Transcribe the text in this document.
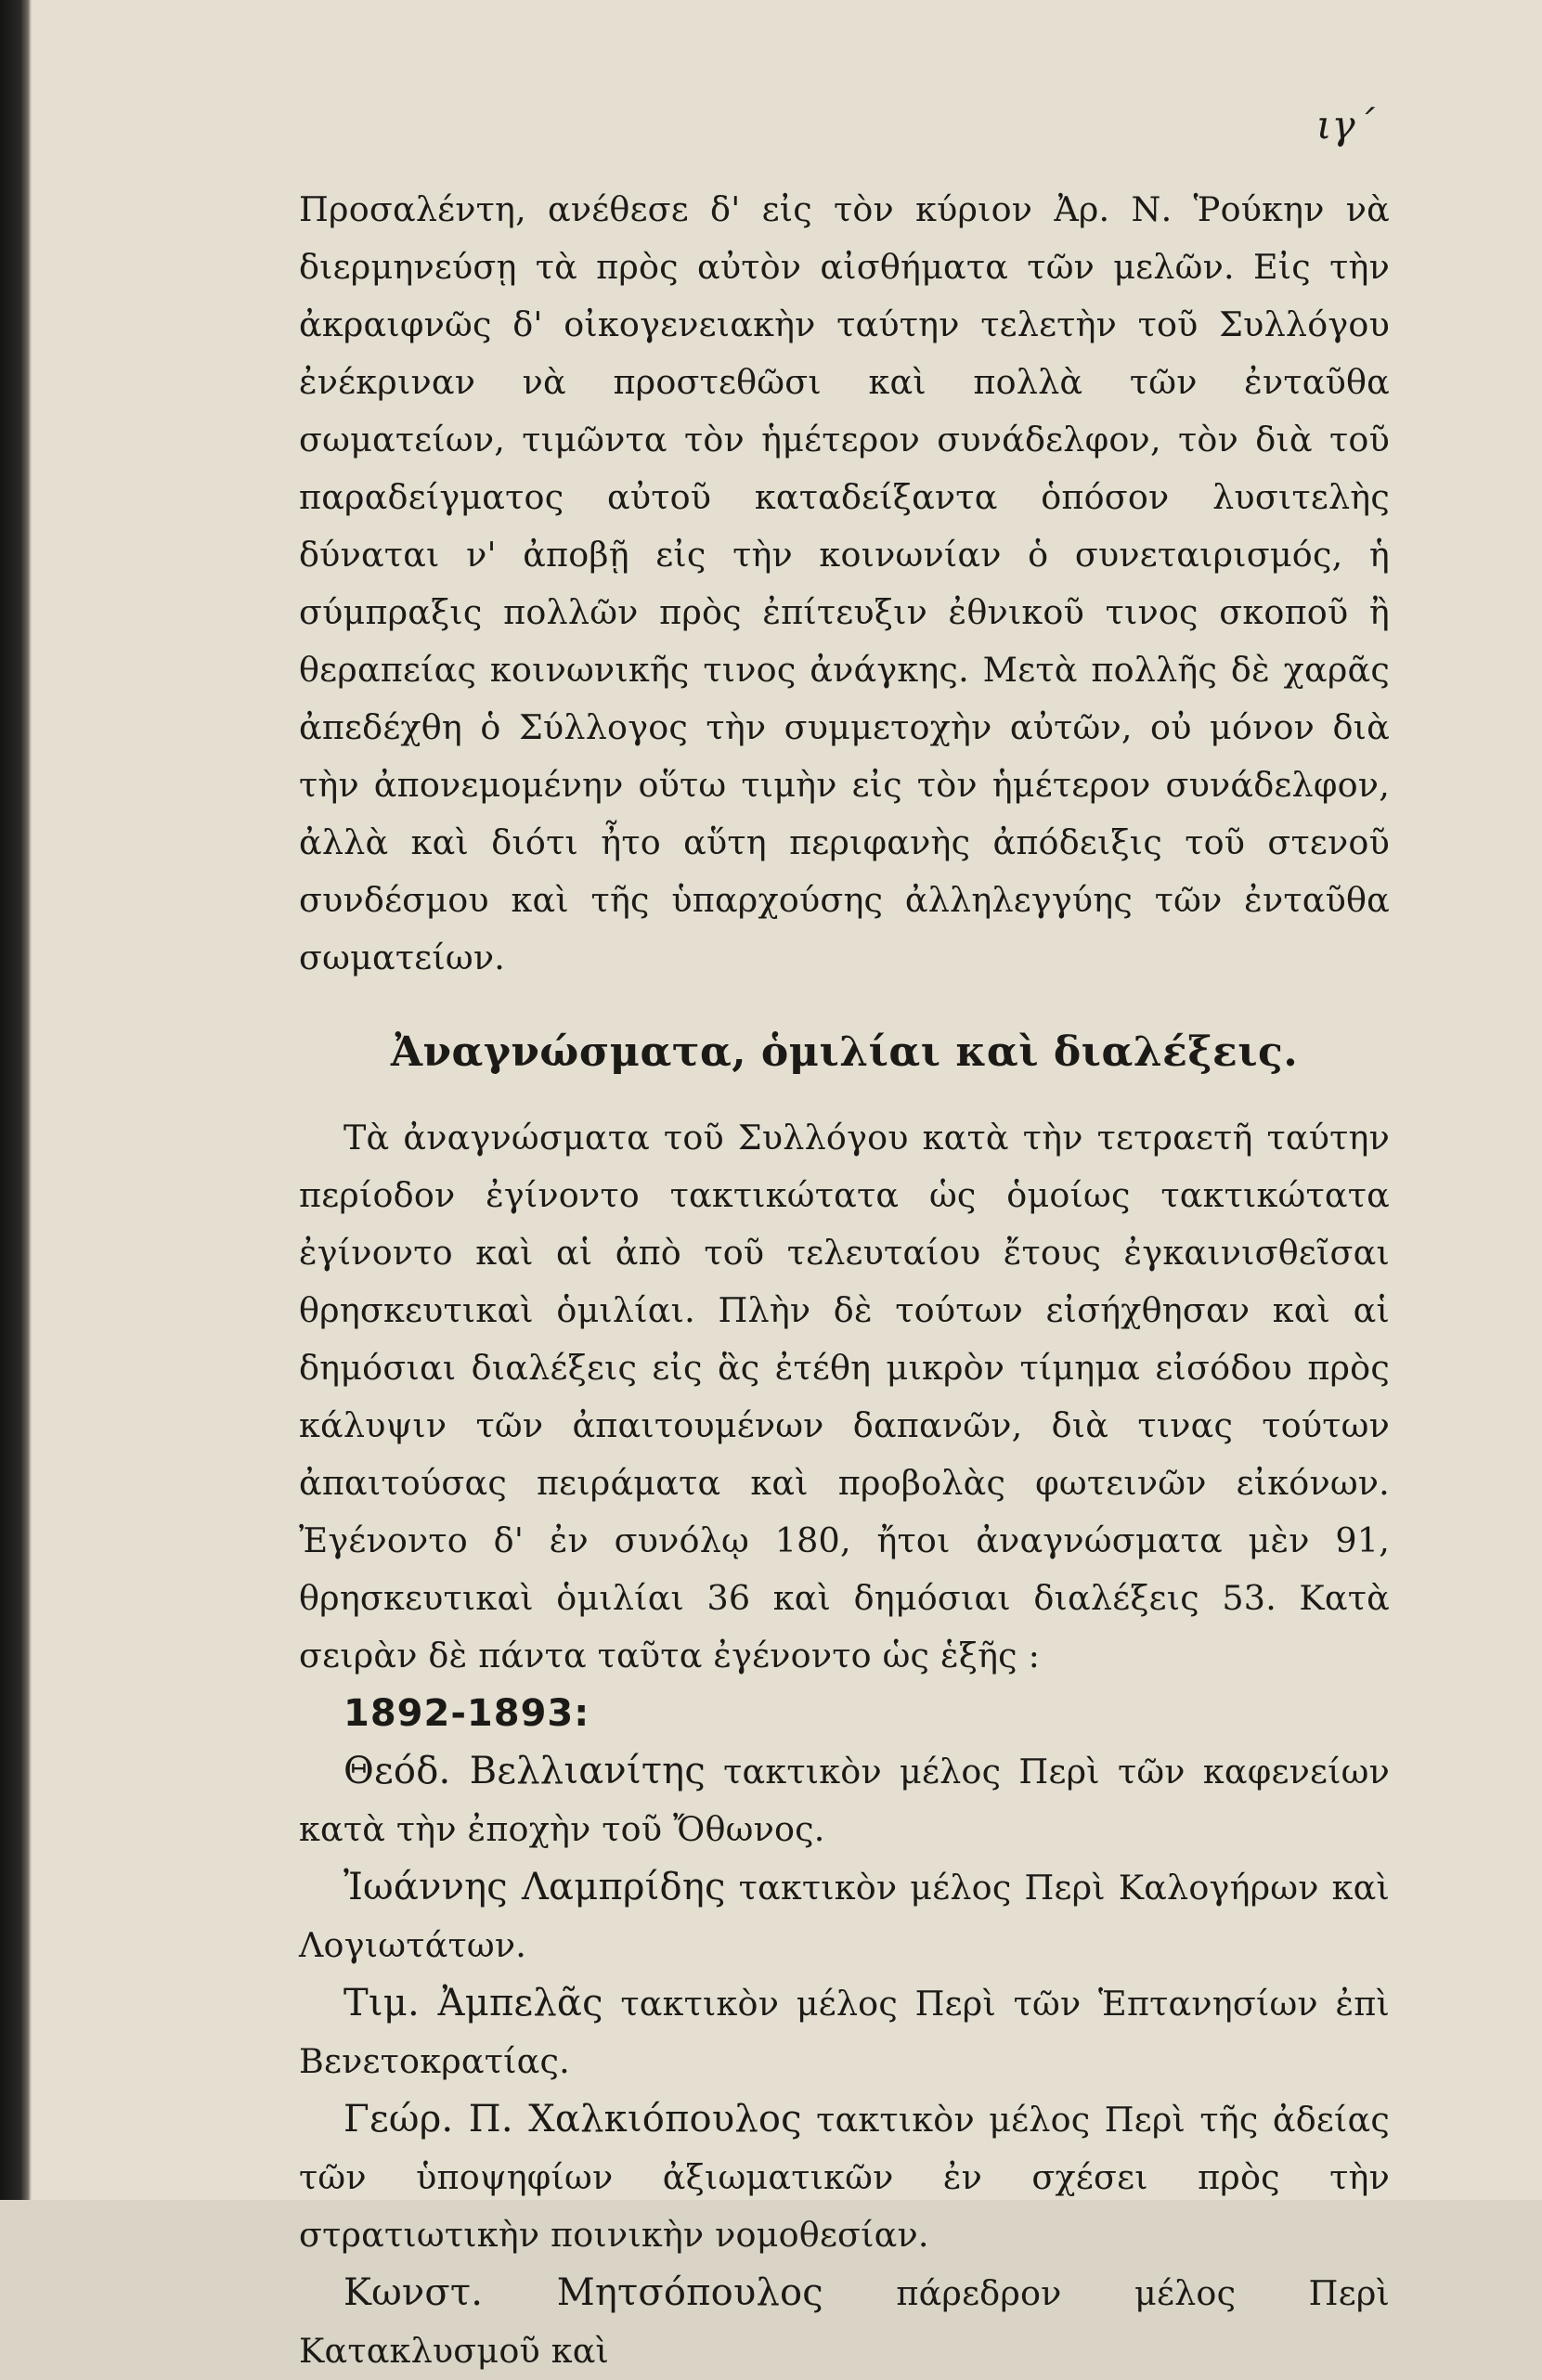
ιγ΄

Προσαλέντη, ανέθεσε δ' εἰς τὸν κύριον Ἀρ. Ν. Ῥούκην νὰ διερμηνεύσῃ τὰ πρὸς αὐτὸν αἰσθήματα τῶν μελῶν. Εἰς τὴν ἀκραιφνῶς δ' οἰκογενειακὴν ταύτην τελετὴν τοῦ Συλλόγου ἐνέκριναν νὰ προστεθῶσι καὶ πολλὰ τῶν ἐνταῦθα σωματείων, τιμῶντα τὸν ἡμέτερον συνάδελφον, τὸν διὰ τοῦ παραδείγματος αὐτοῦ καταδείξαντα ὁπόσον λυσιτελὴς δύναται ν' ἀποβῇ εἰς τὴν κοινωνίαν ὁ συνεταιρισμός, ἡ σύμπραξις πολλῶν πρὸς ἐπίτευξιν ἐθνικοῦ τινος σκοποῦ ἢ θεραπείας κοινωνικῆς τινος ἀνάγκης. Μετὰ πολλῆς δὲ χαρᾶς ἀπεδέχθη ὁ Σύλλογος τὴν συμμετοχὴν αὐτῶν, οὐ μόνον διὰ τὴν ἀπονεμομένην οὕτω τιμὴν εἰς τὸν ἡμέτερον συνάδελφον, ἀλλὰ καὶ διότι ἦτο αὕτη περιφανὴς ἀπόδειξις τοῦ στενοῦ συνδέσμου καὶ τῆς ὑπαρχούσης ἀλληλεγγύης τῶν ἐνταῦθα σωματείων.

Ἀναγνώσματα, ὁμιλίαι καὶ διαλέξεις.

Τὰ ἀναγνώσματα τοῦ Συλλόγου κατὰ τὴν τετραετῆ ταύτην περίοδον ἐγίνοντο τακτικώτατα ὡς ὁμοίως τακτικώτατα ἐγίνοντο καὶ αἱ ἀπὸ τοῦ τελευταίου ἔτους ἐγκαινισθεῖσαι θρησκευτικαὶ ὁμιλίαι. Πλὴν δὲ τούτων εἰσήχθησαν καὶ αἱ δημόσιαι διαλέξεις εἰς ἃς ἐτέθη μικρὸν τίμημα εἰσόδου πρὸς κάλυψιν τῶν ἀπαιτουμένων δαπανῶν, διὰ τινας τούτων ἀπαιτούσας πειράματα καὶ προβολὰς φωτεινῶν εἰκόνων. Ἐγένοντο δ' ἐν συνόλῳ 180, ἤτοι ἀναγνώσματα μὲν 91, θρησκευτικαὶ ὁμιλίαι 36 καὶ δημόσιαι διαλέξεις 53. Κατὰ σειρὰν δὲ πάντα ταῦτα ἐγένοντο ὡς ἑξῆς :

1892-1893:

Θεόδ. Βελλιανίτης τακτικὸν μέλος Περὶ τῶν καφενείων κατὰ τὴν ἐποχὴν τοῦ Ὄθωνος.

Ἰωάννης Λαμπρίδης τακτικὸν μέλος Περὶ Καλογήρων καὶ Λογιωτάτων.

Τιμ. Ἀμπελᾶς τακτικὸν μέλος Περὶ τῶν Ἑπτανησίων ἐπὶ Βενετοκρατίας.

Γεώρ. Π. Χαλκιόπουλος τακτικὸν μέλος Περὶ τῆς ἀδείας τῶν ὑποψηφίων ἀξιωματικῶν ἐν σχέσει πρὸς τὴν στρατιωτικὴν ποινικὴν νομοθεσίαν.

Κωνστ. Μητσόπουλος πάρεδρον μέλος Περὶ Κατακλυσμοῦ καὶ
